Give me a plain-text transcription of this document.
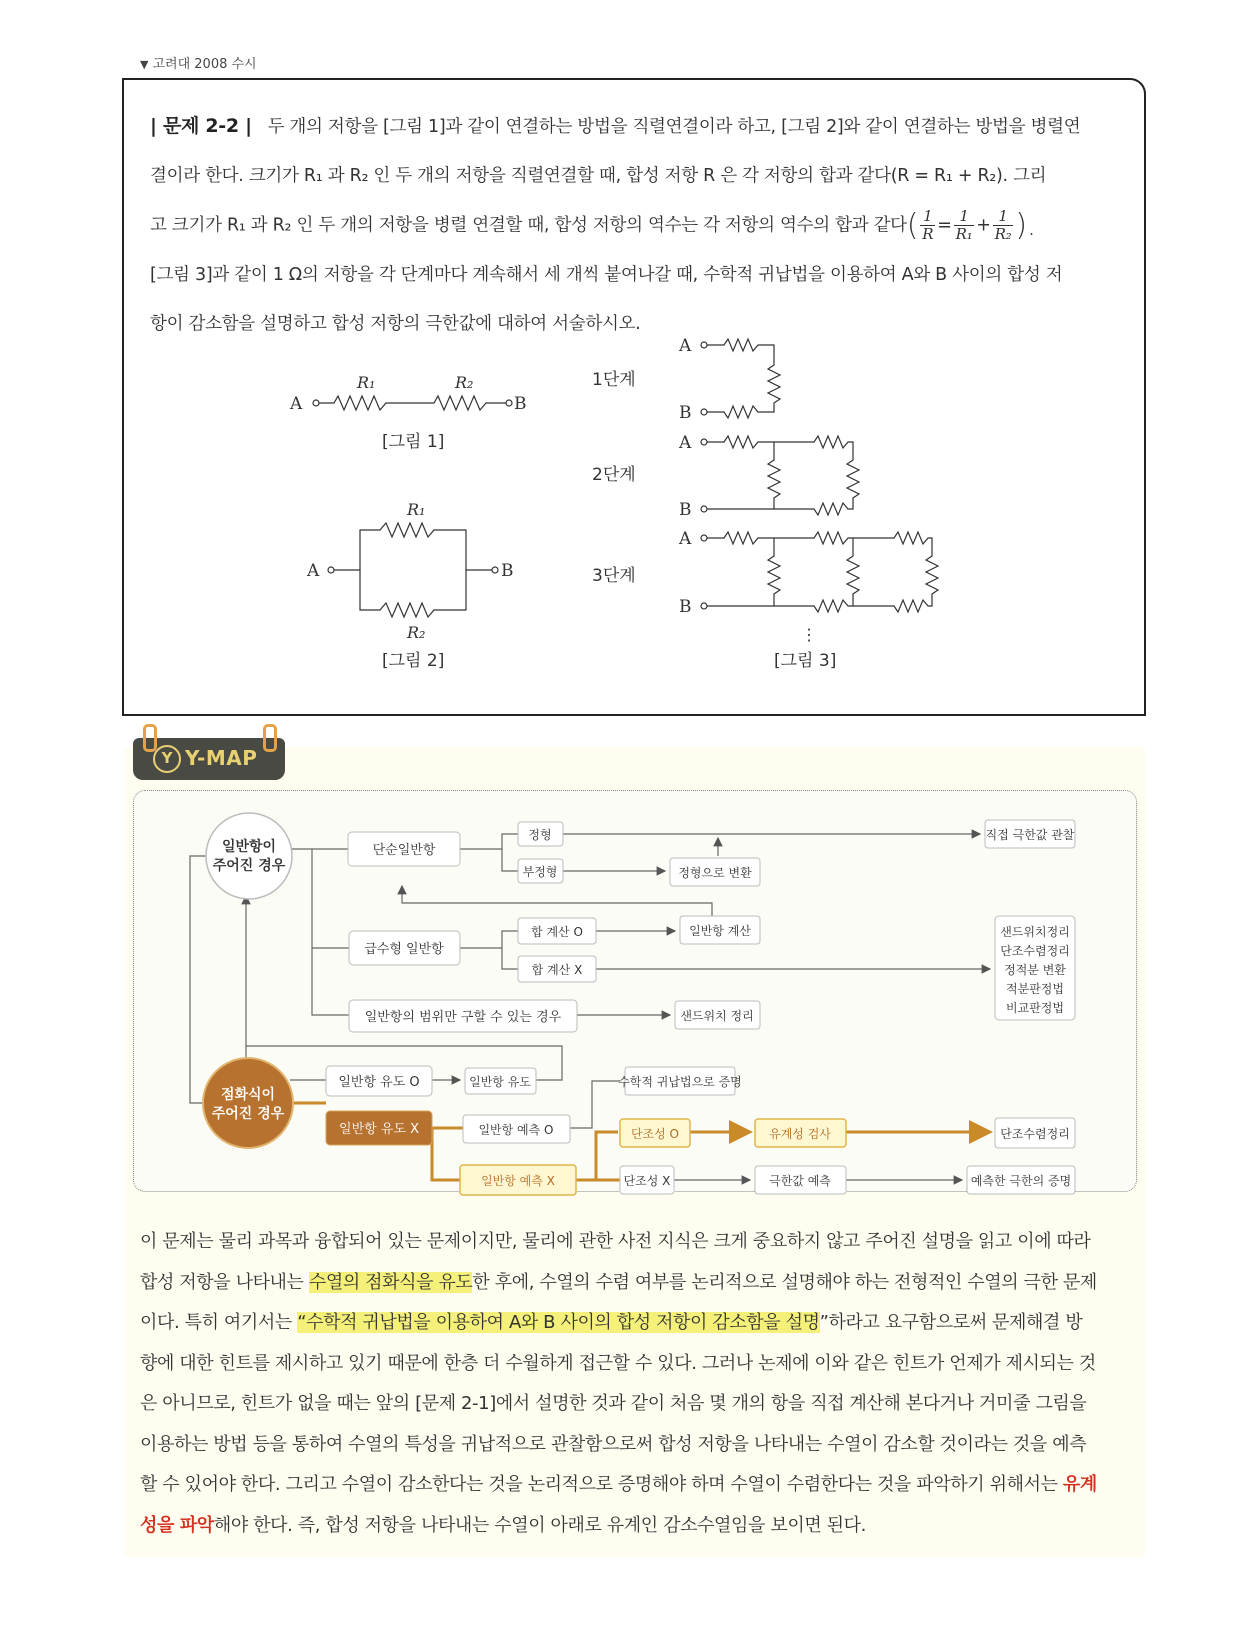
▼ 고려대 2008 수시
| 문제 2-2 | 두 개의 저항을 [그림 1]과 같이 연결하는 방법을 직렬연결이라 하고, [그림 2]와 같이 연결하는 방법을 병렬연
결이라 한다. 크기가 R₁ 과 R₂ 인 두 개의 저항을 직렬연결할 때, 합성 저항 R 은 각 저항의 합과 같다(R = R₁ + R₂). 그리
고 크기가 R₁ 과 R₂ 인 두 개의 저항을 병렬 연결할 때, 합성 저항의 역수는 각 저항의 역수의 합과 같다( $\frac{1}{R} = \frac{1}{\text{R₁}} + \frac{1}{\text{R₂}}$ ).
[그림 3]과 같이 1 Ω의 저항을 각 단계마다 계속해서 세 개씩 붙여나갈 때, 수학적 귀납법을 이용하여 A와 B 사이의 합성 저
항이 감소함을 설명하고 합성 저항의 극한값에 대하여 서술하시오.
R₁	R₂
A	B
[그림 1]
R₁
R₂
A	B
[그림 2]
1단계
2단계
3단계
A
B
A
B
A
B
⋮
[그림 3]
Y Y-MAP
일반항이
주어진 경우
점화식이
주어진 경우
단순일반항
정형
부정형	정형으로 변환
직접 극한값 관찰
급수형 일반항
합 계산 O
합 계산 X
일반항 계산	샌드위치정리
단조수렴정리
정적분 변환
적분판정법
비교판정법
일반항의 범위만 구할 수 있는 경우	샌드위치 정리
일반항 유도 O	일반항 유도	수학적 귀납법으로 증명
일반항 유도 X	일반항 예측 O
일반항 예측 X
단조성 O
단조성 X
유계성 검사
극한값 예측
단조수렴정리
예측한 극한의 증명
이 문제는 물리 과목과 융합되어 있는 문제이지만, 물리에 관한 사전 지식은 크게 중요하지 않고 주어진 설명을 읽고 이에 따라
합성 저항을 나타내는 수열의 점화식을 유도한 후에, 수열의 수렴 여부를 논리적으로 설명해야 하는 전형적인 수열의 극한 문제
이다. 특히 여기서는 “수학적 귀납법을 이용하여 A와 B 사이의 합성 저항이 감소함을 설명”하라고 요구함으로써 문제해결 방
향에 대한 힌트를 제시하고 있기 때문에 한층 더 수월하게 접근할 수 있다. 그러나 논제에 이와 같은 힌트가 언제가 제시되는 것
은 아니므로, 힌트가 없을 때는 앞의 [문제 2-1]에서 설명한 것과 같이 처음 몇 개의 항을 직접 계산해 본다거나 거미줄 그림을
이용하는 방법 등을 통하여 수열의 특성을 귀납적으로 관찰함으로써 합성 저항을 나타내는 수열이 감소할 것이라는 것을 예측
할 수 있어야 한다. 그리고 수열이 감소한다는 것을 논리적으로 증명해야 하며 수열이 수렴한다는 것을 파악하기 위해서는 유계
성을 파악해야 한다. 즉, 합성 저항을 나타내는 수열이 아래로 유계인 감소수열임을 보이면 된다.
